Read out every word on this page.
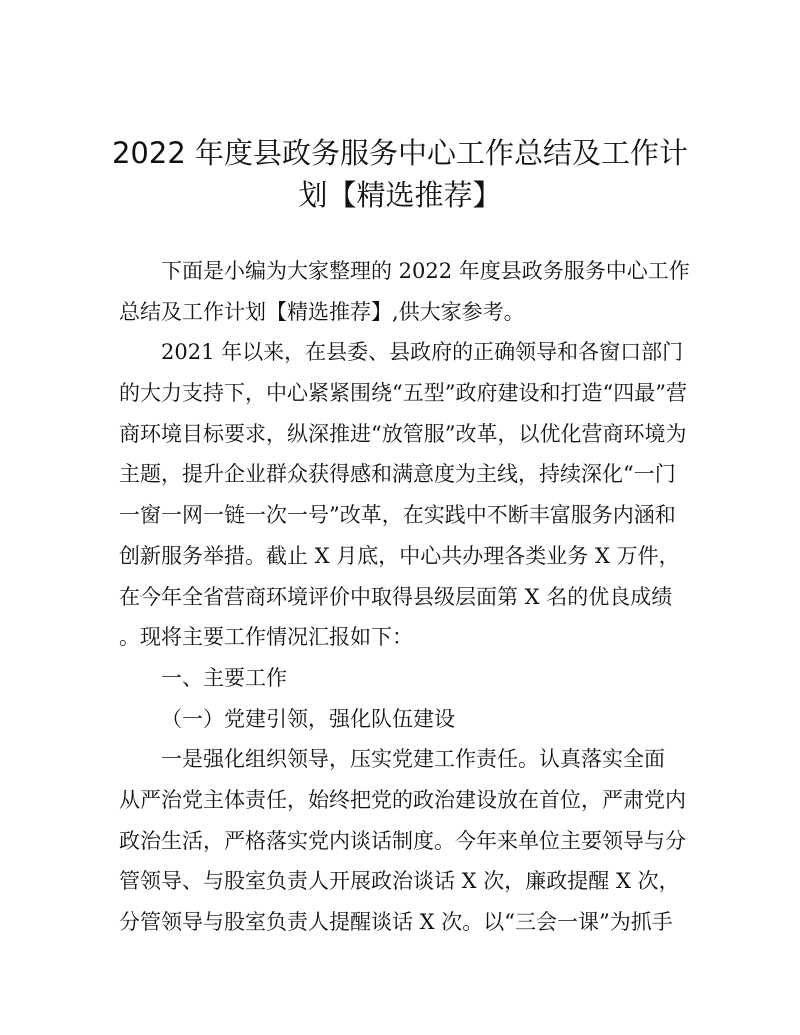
2022 年度县政务服务中心工作总结及工作计
划【精选推荐】
下面是小编为大家整理的 2022 年度县政务服务中心工作
总结及工作计划【精选推荐】,供大家参考。
2021 年以来，在县委、县政府的正确领导和各窗口部门
的大力支持下，中心紧紧围绕“五型”政府建设和打造“四最”营
商环境目标要求，纵深推进“放管服”改革，以优化营商环境为
主题，提升企业群众获得感和满意度为主线，持续深化“一门
一窗一网一链一次一号”改革，在实践中不断丰富服务内涵和
创新服务举措。截止 X 月底，中心共办理各类业务 X 万件，
在今年全省营商环境评价中取得县级层面第 X 名的优良成绩
。现将主要工作情况汇报如下：
一、主要工作
（一）党建引领，强化队伍建设
一是强化组织领导，压实党建工作责任。认真落实全面
从严治党主体责任，始终把党的政治建设放在首位，严肃党内
政治生活，严格落实党内谈话制度。今年来单位主要领导与分
管领导、与股室负责人开展政治谈话 X 次，廉政提醒 X 次，
分管领导与股室负责人提醒谈话 X 次。以“三会一课”为抓手
